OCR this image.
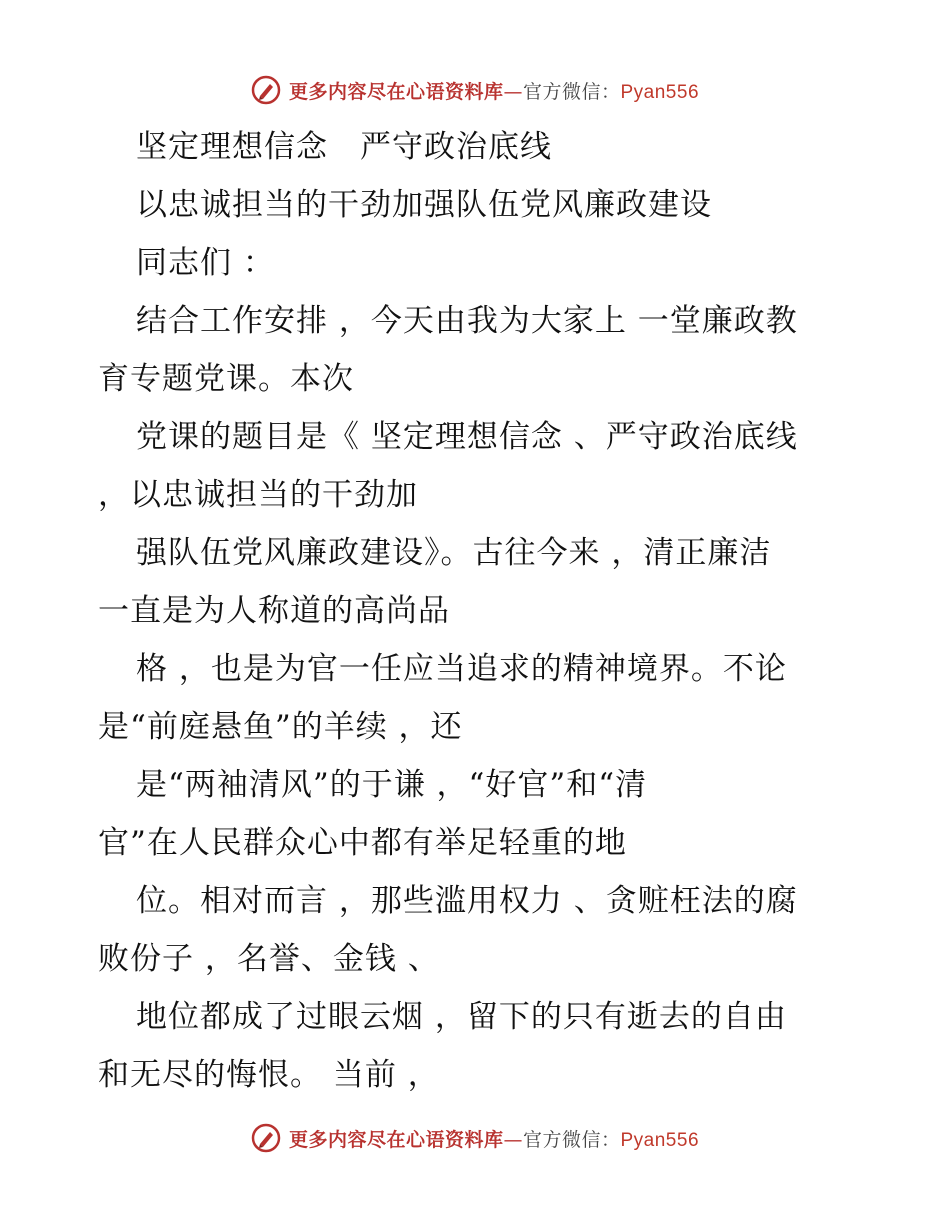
更多内容尽在心语资料库—官方微信：Pyan556
坚定理想信念　严守政治底线
以忠诚担当的干劲加强队伍党风廉政建设
同志们 ：
结合工作安排 ，今天由我为大家上 一堂廉政教
育专题党课。本次
党课的题目是《 坚定理想信念 、严守政治底线
，以忠诚担当的干劲加
强队伍党风廉政建设》。古往今来 ，清正廉洁
一直是为人称道的高尚品
格 ，也是为官一任应当追求的精神境界。不论
是“前庭悬鱼”的羊续 ，还
是“两袖清风”的于谦 ，“好官”和“清
官”在人民群众心中都有举足轻重的地
位。相对而言 ，那些滥用权力 、贪赃枉法的腐
败份子 ，名誉、金钱 、
地位都成了过眼云烟 ，留下的只有逝去的自由
和无尽的悔恨。 当前 ，
更多内容尽在心语资料库—官方微信：Pyan556
